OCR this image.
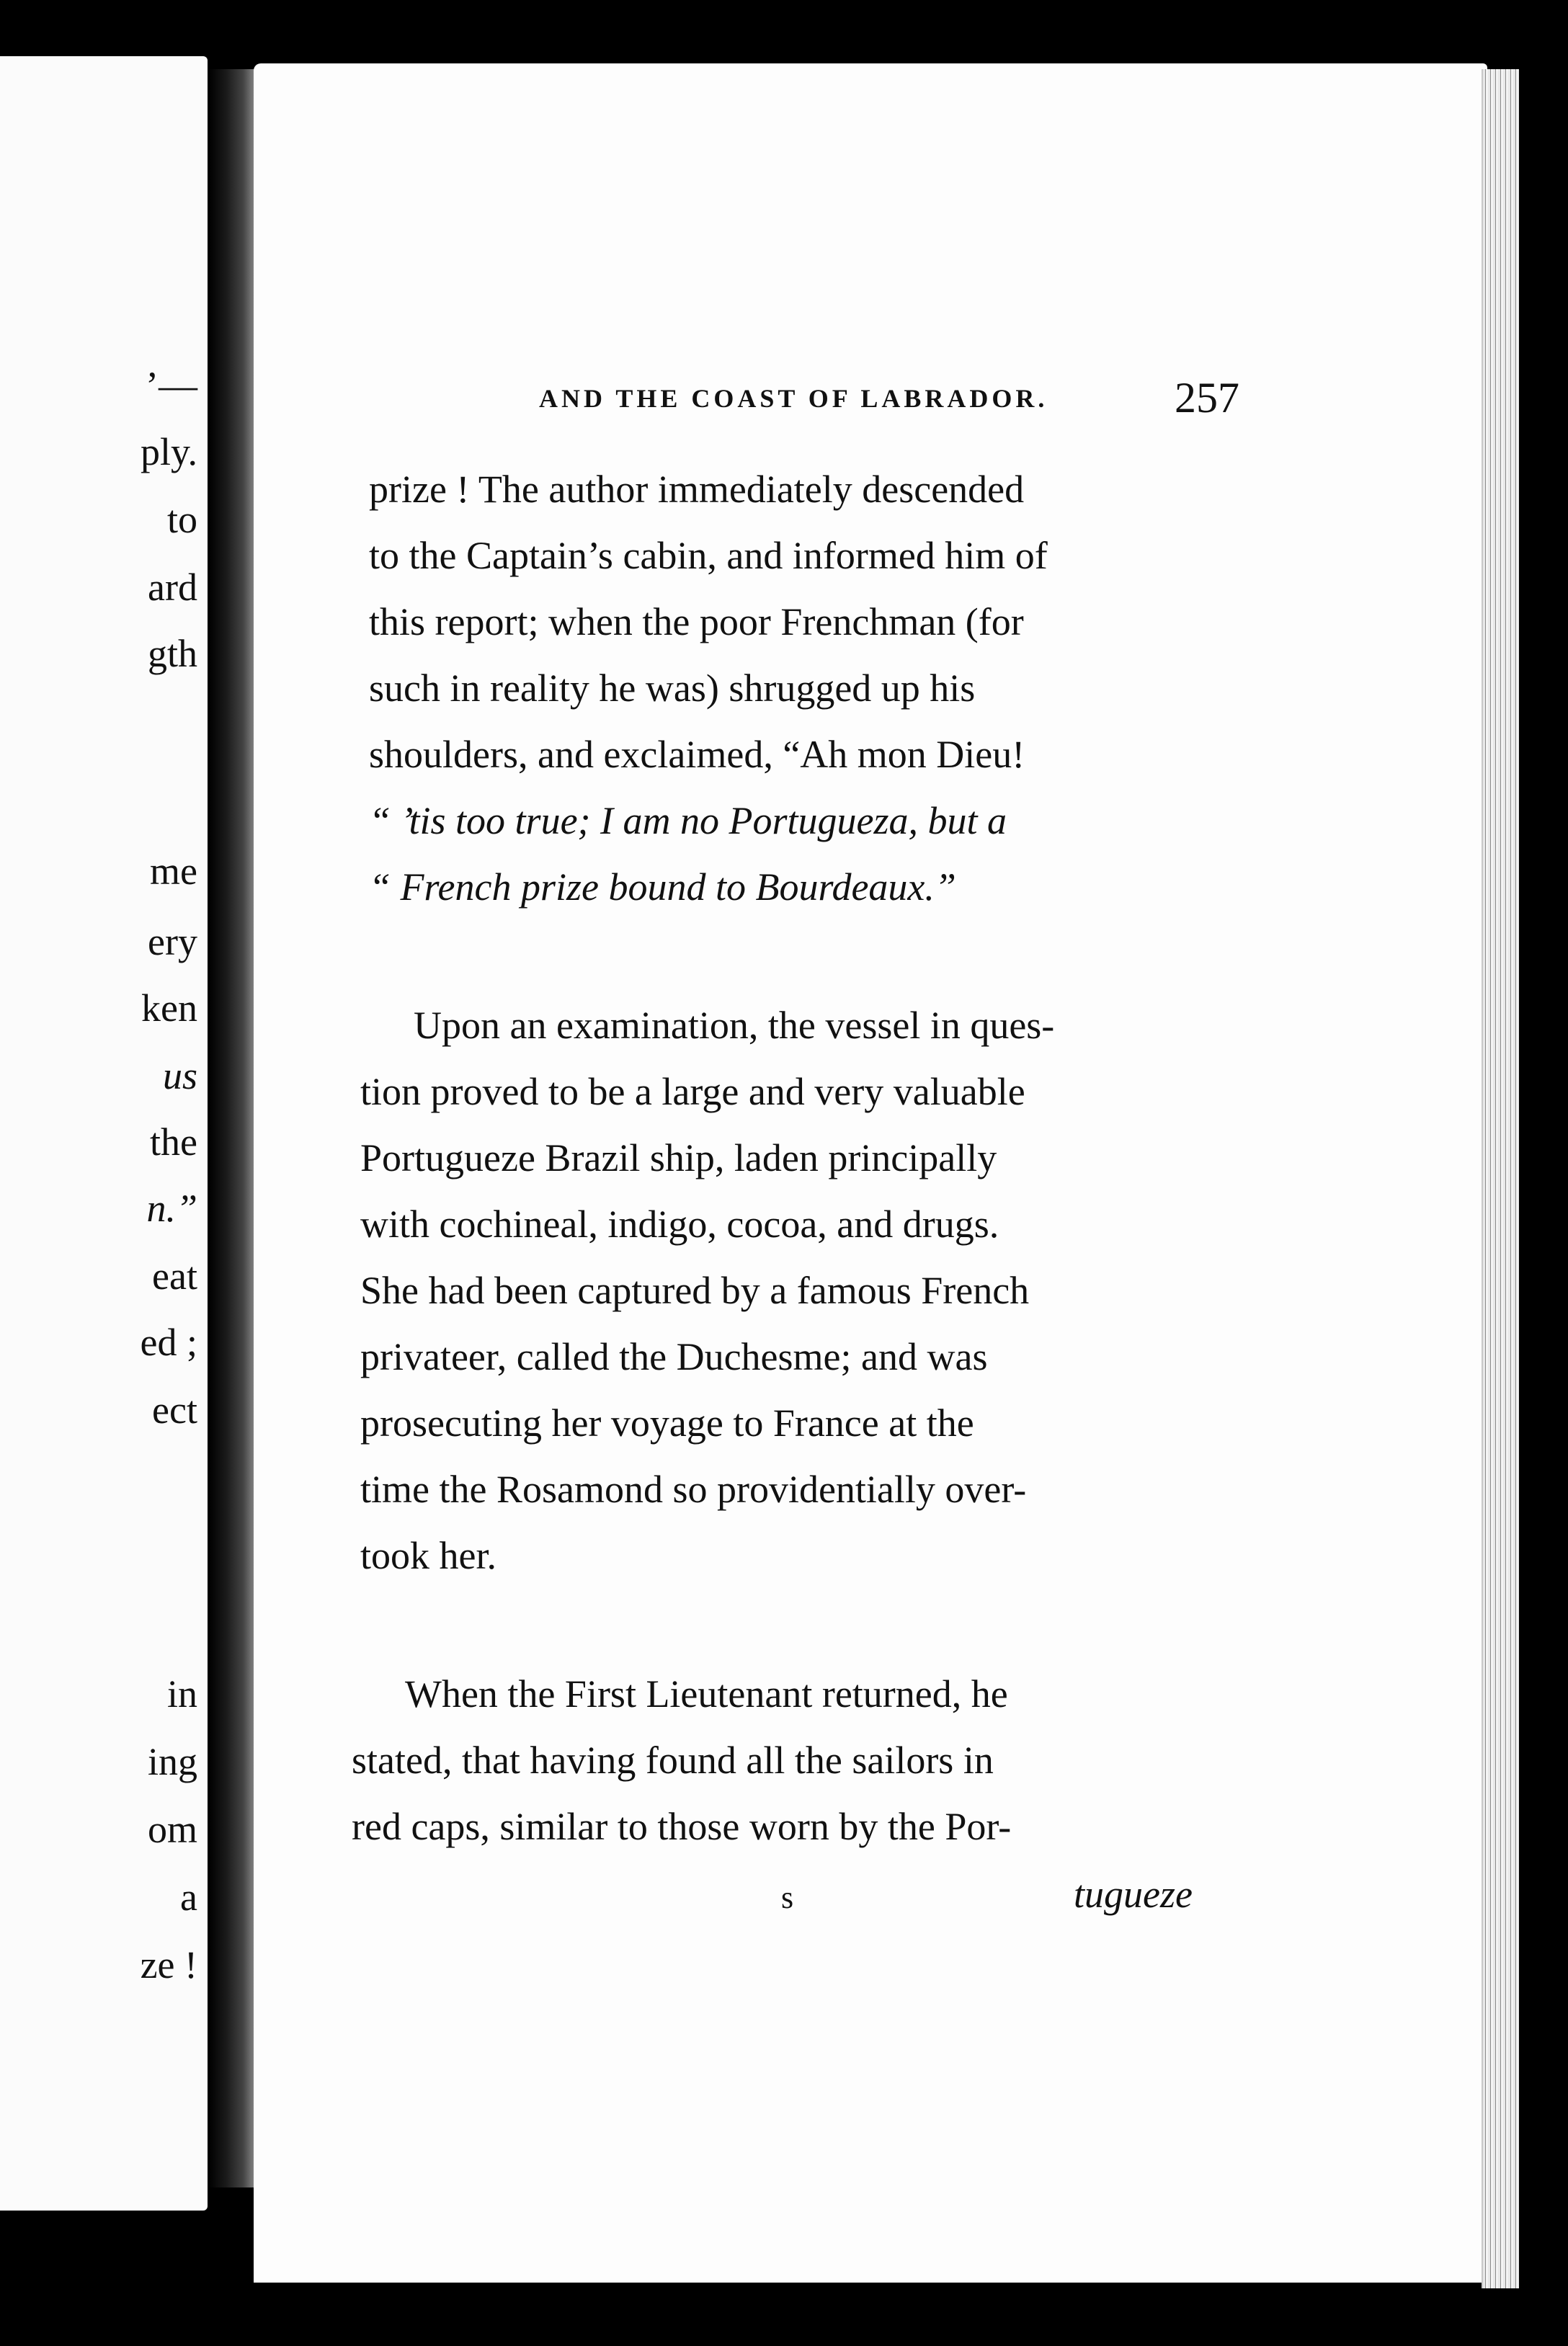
’—
ply.
to
ard
gth
me
ery
ken
us
the
n.”
eat
ed ;
ect
in
ing
om
a
ze !
AND THE COAST OF LABRADOR.	257
prize ! The author immediately descended
to the Captain’s cabin, and informed him of
this report; when the poor Frenchman (for
such in reality he was) shrugged up his
shoulders, and exclaimed, “Ah mon Dieu!
“ ’tis too true; I am no Portugueza, but a
“ French prize bound to Bourdeaux.”
Upon an examination, the vessel in ques-
tion proved to be a large and very valuable
Portugueze Brazil ship, laden principally
with cochineal, indigo, cocoa, and drugs.
She had been captured by a famous French
privateer, called the Duchesme; and was
prosecuting her voyage to France at the
time the Rosamond so providentially over-
took her.
When the First Lieutenant returned, he
stated, that having found all the sailors in
red caps, similar to those worn by the Por-
s	tugueze
